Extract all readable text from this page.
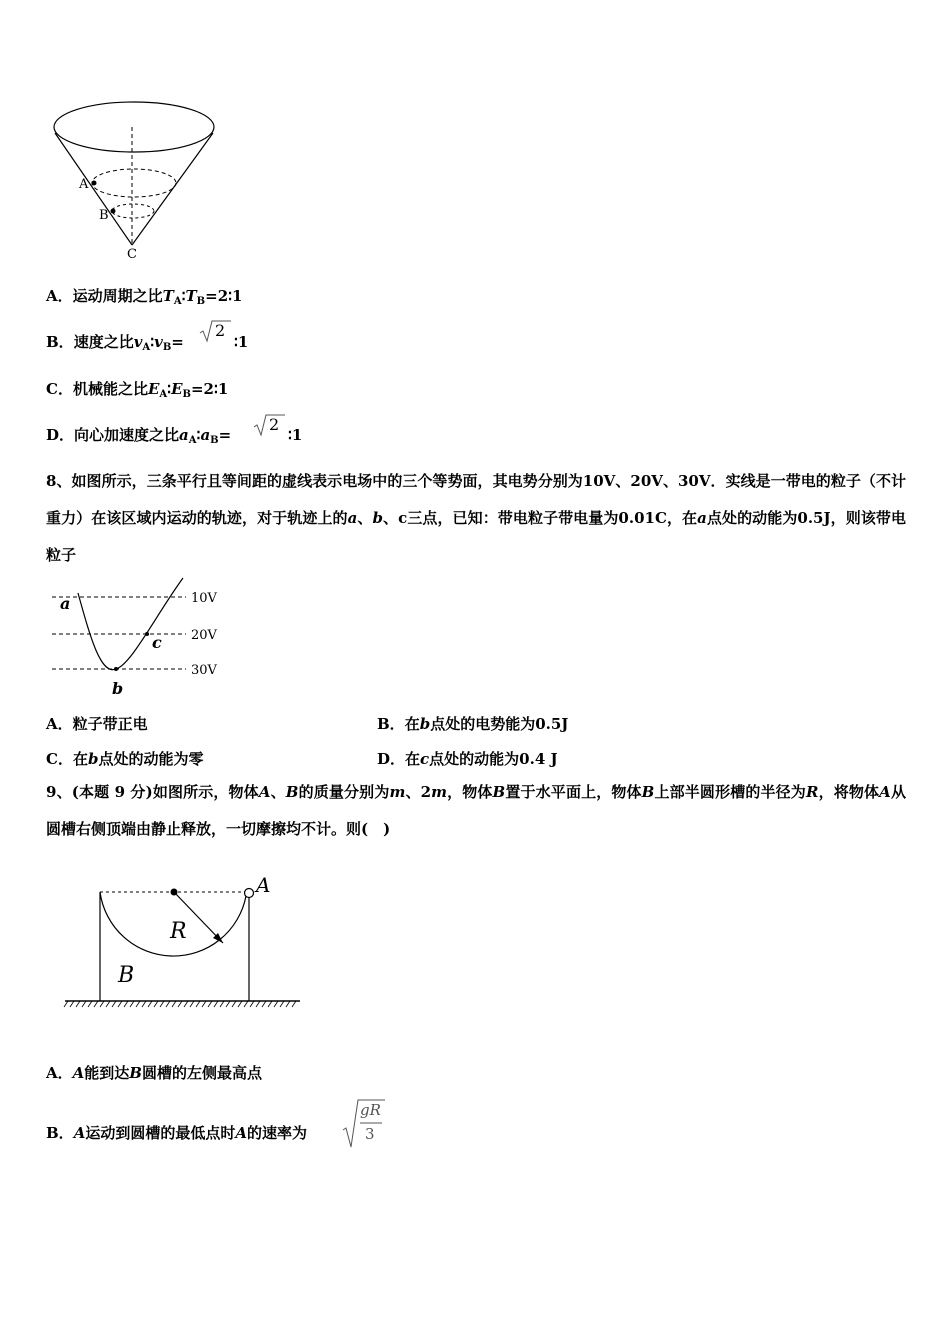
A
B
C
A．运动周期之比$T_A∶T_B=2∶1$
B．速度之比$v_A∶v_B=$
2
∶1
C．机械能之比$E_A∶E_B=2∶1$
D．向心加速度之比$a_A∶a_B=$
2
∶1
8、如图所示，三条平行且等间距的虚线表示电场中的三个等势面，其电势分别为10V、20V、30V．实线是一带电的粒子（不计重力）在该区域内运动的轨迹，对于轨迹上的a、b、c三点，已知：带电粒子带电量为0.01C，在a点处的动能为0.5J，则该带电粒子
10V
20V
30V
a
c
b
A．粒子带正电	B．在b点处的电势能为0.5J
C．在b点处的动能为零	D．在c点处的动能为0.4 J
9、(本题 9 分)如图所示，物体A、B的质量分别为m、2m，物体B置于水平面上，物体B上部半圆形槽的半径为R，将物体A从圆槽右侧顶端由静止释放，一切摩擦均不计。则(　)
A
R
B
A．A能到达B圆槽的左侧最高点
B．A运动到圆槽的最低点时A的速率为
gR
3
